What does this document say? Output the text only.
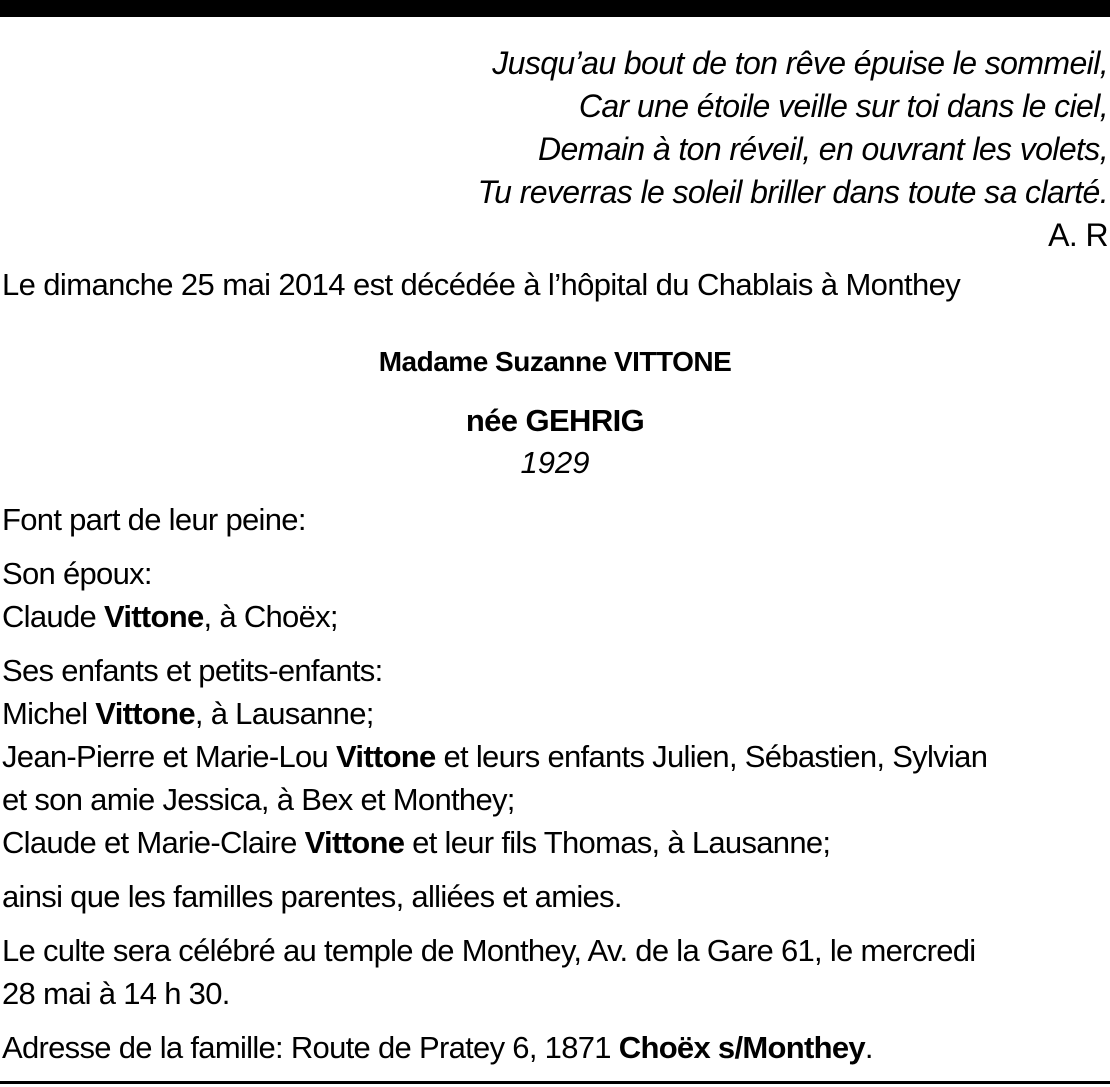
Jusqu’au bout de ton rêve épuise le sommeil,
Car une étoile veille sur toi dans le ciel,
Demain à ton réveil, en ouvrant les volets,
Tu reverras le soleil briller dans toute sa clarté.
A. R
Le dimanche 25 mai 2014 est décédée à l’hôpital du Chablais à Monthey
Madame Suzanne VITTONE
née GEHRIG
1929
Font part de leur peine:
Son époux:
Claude Vittone, à Choëx;
Ses enfants et petits-enfants:
Michel Vittone, à Lausanne;
Jean-Pierre et Marie-Lou Vittone et leurs enfants Julien, Sébastien, Sylvian
et son amie Jessica, à Bex et Monthey;
Claude et Marie-Claire Vittone et leur fils Thomas, à Lausanne;
ainsi que les familles parentes, alliées et amies.
Le culte sera célébré au temple de Monthey, Av. de la Gare 61, le mercredi
28 mai à 14 h 30.
Adresse de la famille: Route de Pratey 6, 1871 Choëx s/Monthey.
